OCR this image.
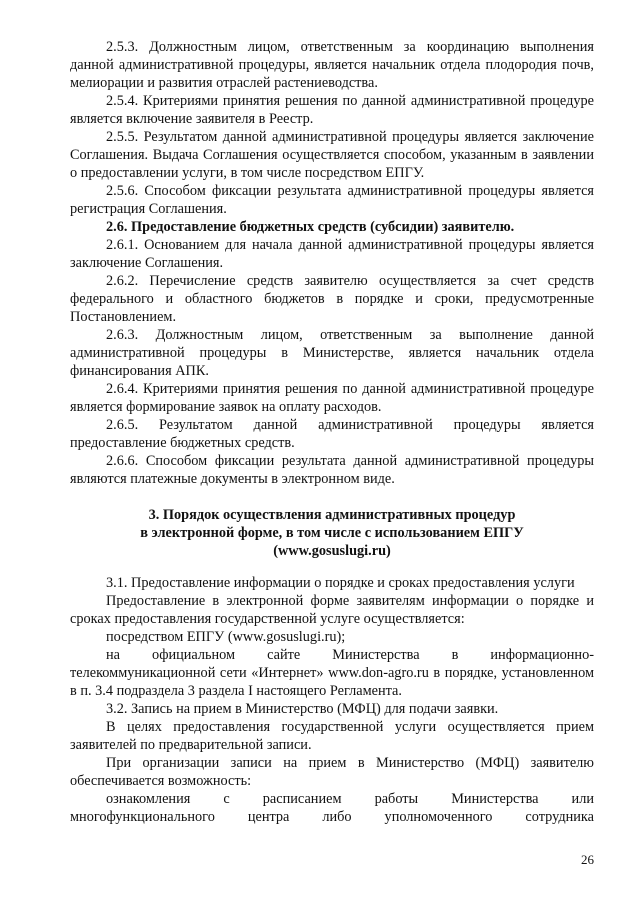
2.5.3. Должностным лицом, ответственным за координацию выполнения данной административной процедуры, является начальник отдела плодородия почв, мелиорации и развития отраслей растениеводства.

2.5.4. Критериями принятия решения по данной административной процедуре является включение заявителя в Реестр.

2.5.5. Результатом данной административной процедуры является заключение Соглашения. Выдача Соглашения осуществляется способом, указанным в заявлении о предоставлении услуги, в том числе посредством ЕПГУ.

2.5.6. Способом фиксации результата административной процедуры является регистрация Соглашения.

2.6. Предоставление бюджетных средств (субсидии) заявителю.

2.6.1. Основанием для начала данной административной процедуры является заключение Соглашения.

2.6.2. Перечисление средств заявителю осуществляется за счет средств федерального и областного бюджетов в порядке и сроки, предусмотренные Постановлением.

2.6.3. Должностным лицом, ответственным за выполнение данной административной процедуры в Министерстве, является начальник отдела финансирования АПК.

2.6.4. Критериями принятия решения по данной административной процедуре является формирование заявок на оплату расходов.

2.6.5. Результатом данной административной процедуры является предоставление бюджетных средств.

2.6.6. Способом фиксации результата данной административной процедуры являются платежные документы в электронном виде.

3. Порядок осуществления административных процедур
в электронной форме, в том числе с использованием ЕПГУ
(www.gosuslugi.ru)

3.1. Предоставление информации о порядке и сроках предоставления услуги

Предоставление в электронной форме заявителям информации о порядке и сроках предоставления государственной услуге осуществляется:

посредством ЕПГУ (www.gosuslugi.ru);

на официальном сайте Министерства в информационно-телекоммуникационной сети «Интернет» www.don-agro.ru в порядке, установленном в п. 3.4 подраздела 3 раздела I настоящего Регламента.

3.2. Запись на прием в Министерство (МФЦ) для подачи заявки.

В целях предоставления государственной услуги осуществляется прием заявителей по предварительной записи.

При организации записи на прием в Министерство (МФЦ) заявителю обеспечивается возможность:

ознакомления с расписанием работы Министерства или

многофункционального центра либо уполномоченного сотрудника

26
